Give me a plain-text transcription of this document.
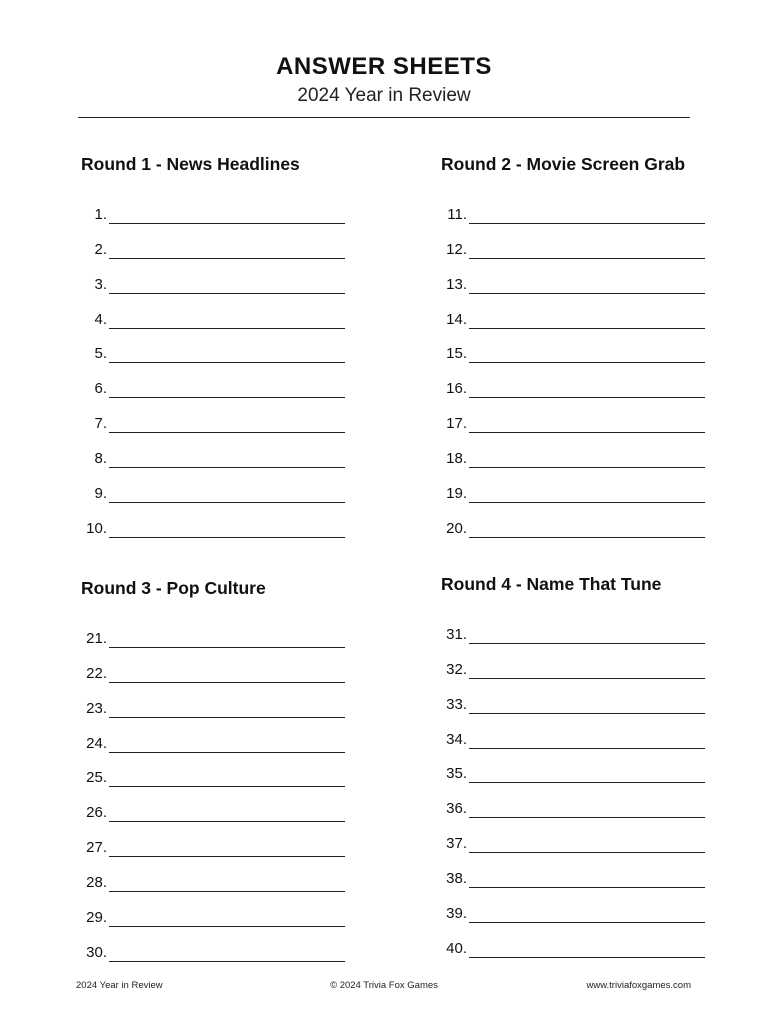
ANSWER SHEETS
2024 Year in Review
Round 1 - News Headlines
1.
2.
3.
4.
5.
6.
7.
8.
9.
10.
Round 2 - Movie Screen Grab
11.
12.
13.
14.
15.
16.
17.
18.
19.
20.
Round 3 - Pop Culture
21.
22.
23.
24.
25.
26.
27.
28.
29.
30.
Round 4 - Name That Tune
31.
32.
33.
34.
35.
36.
37.
38.
39.
40.
2024 Year in Review	© 2024 Trivia Fox Games	www.triviafoxgames.com
